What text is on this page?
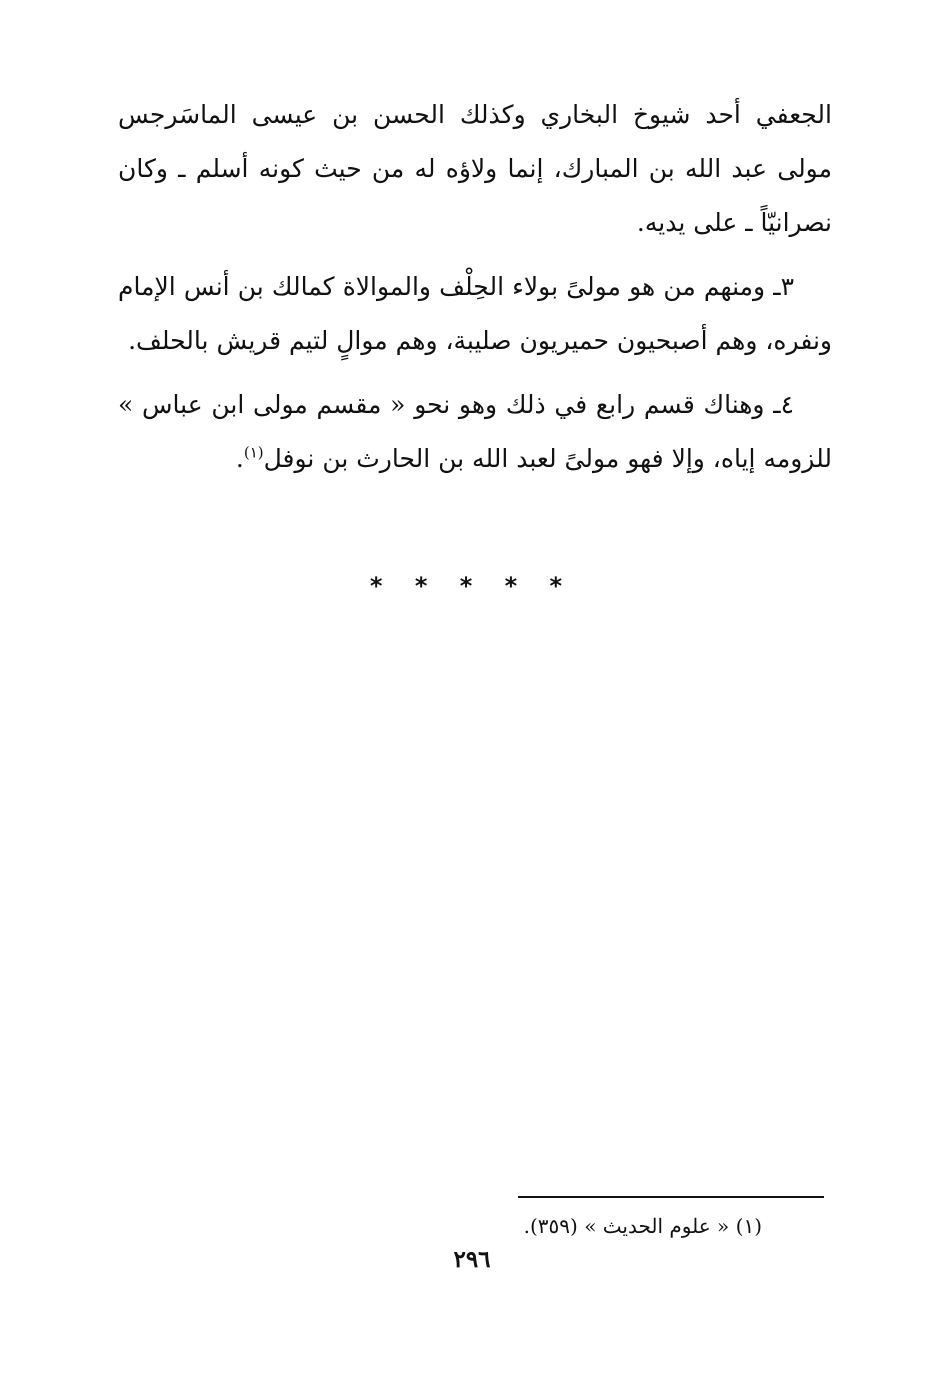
الجعفي أحد شيوخ البخاري وكذلك الحسن بن عيسى الماسَرجس مولى عبد الله بن المبارك، إنما ولاؤه له من حيث كونه أسلم ـ وكان نصرانيّاً ـ على يديه.

٣ـ ومنهم من هو مولىً بولاء الحِلْف والموالاة كمالك بن أنس الإمام ونفره، وهم أصبحيون حميريون صليبة، وهم موالٍ لتيم قريش بالحلف.

٤ـ وهناك قسم رابع في ذلك وهو نحو « مقسم مولى ابن عباس » للزومه إياه، وإلا فهو مولىً لعبد الله بن الحارث بن نوفل$^{(١)}$.

* * * * *
(١) « علوم الحديث » (٣٥٩).
٢٩٦
